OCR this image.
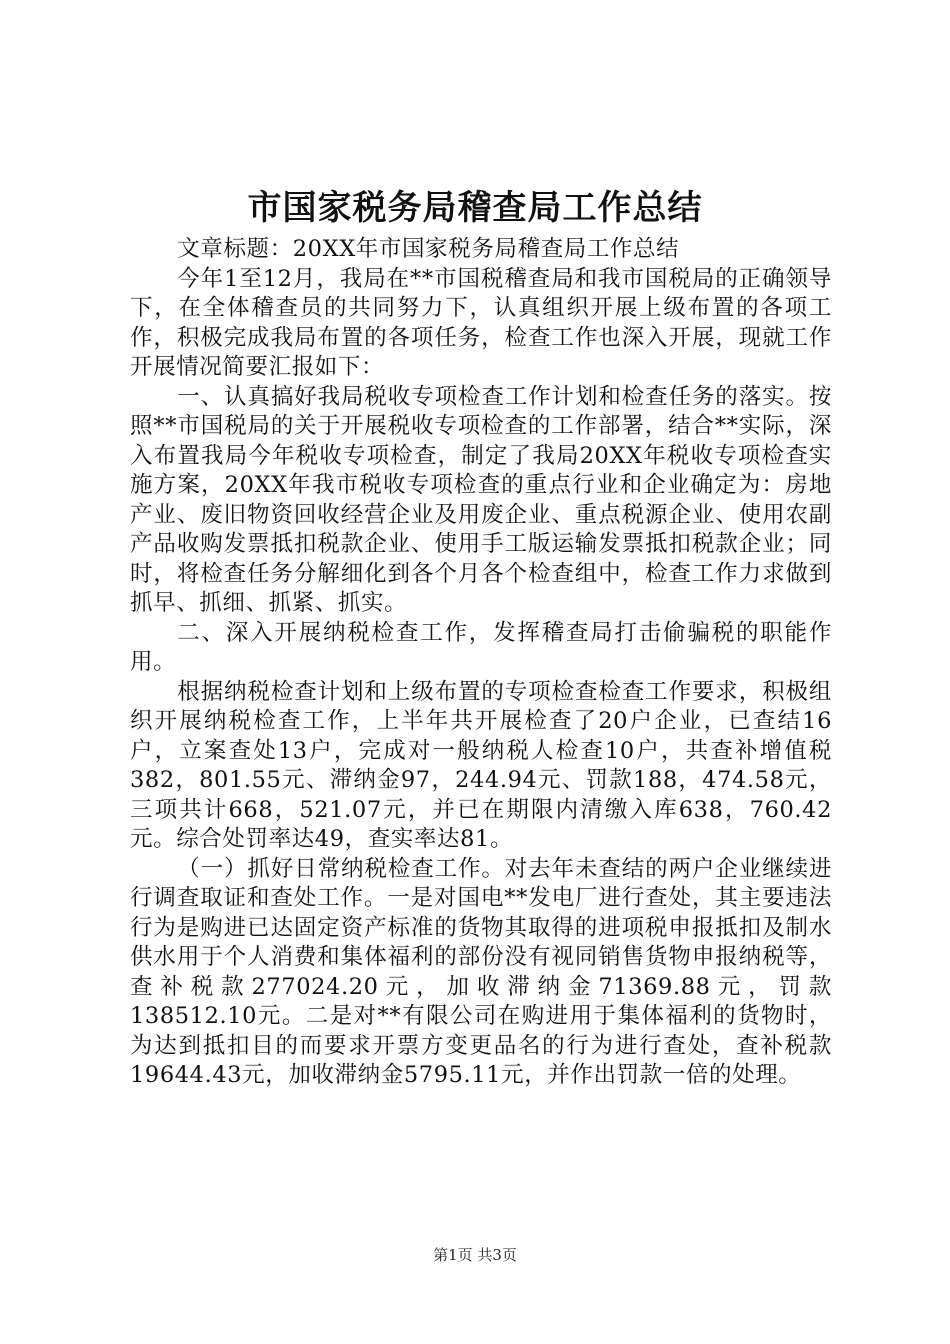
市国家税务局稽查局工作总结

文章标题：20XX年市国家税务局稽查局工作总结

今年1至12月，我局在**市国税稽查局和我市国税局的正确领导下，在全体稽查员的共同努力下，认真组织开展上级布置的各项工作，积极完成我局布置的各项任务，检查工作也深入开展，现就工作开展情况简要汇报如下：

一、认真搞好我局税收专项检查工作计划和检查任务的落实。按照**市国税局的关于开展税收专项检查的工作部署，结合**实际，深入布置我局今年税收专项检查，制定了我局20XX年税收专项检查实施方案，20XX年我市税收专项检查的重点行业和企业确定为：房地产业、废旧物资回收经营企业及用废企业、重点税源企业、使用农副产品收购发票抵扣税款企业、使用手工版运输发票抵扣税款企业；同时，将检查任务分解细化到各个月各个检查组中，检查工作力求做到抓早、抓细、抓紧、抓实。

二、深入开展纳税检查工作，发挥稽查局打击偷骗税的职能作用。

根据纳税检查计划和上级布置的专项检查检查工作要求，积极组织开展纳税检查工作，上半年共开展检查了20户企业，已查结16户，立案查处13户，完成对一般纳税人检查10户，共查补增值税382，801.55元、滞纳金97，244.94元、罚款188，474.58元，三项共计668，521.07元，并已在期限内清缴入库638，760.42元。综合处罚率达49，查实率达81。

（一）抓好日常纳税检查工作。对去年未查结的两户企业继续进行调查取证和查处工作。一是对国电**发电厂进行查处，其主要违法行为是购进已达固定资产标准的货物其取得的进项税申报抵扣及制水供水用于个人消费和集体福利的部份没有视同销售货物申报纳税等，查补税款277024.20元，加收滞纳金71369.88元，罚款138512.10元。二是对**有限公司在购进用于集体福利的货物时，为达到抵扣目的而要求开票方变更品名的行为进行查处，查补税款19644.43元，加收滞纳金5795.11元，并作出罚款一倍的处理。

第1页 共3页
